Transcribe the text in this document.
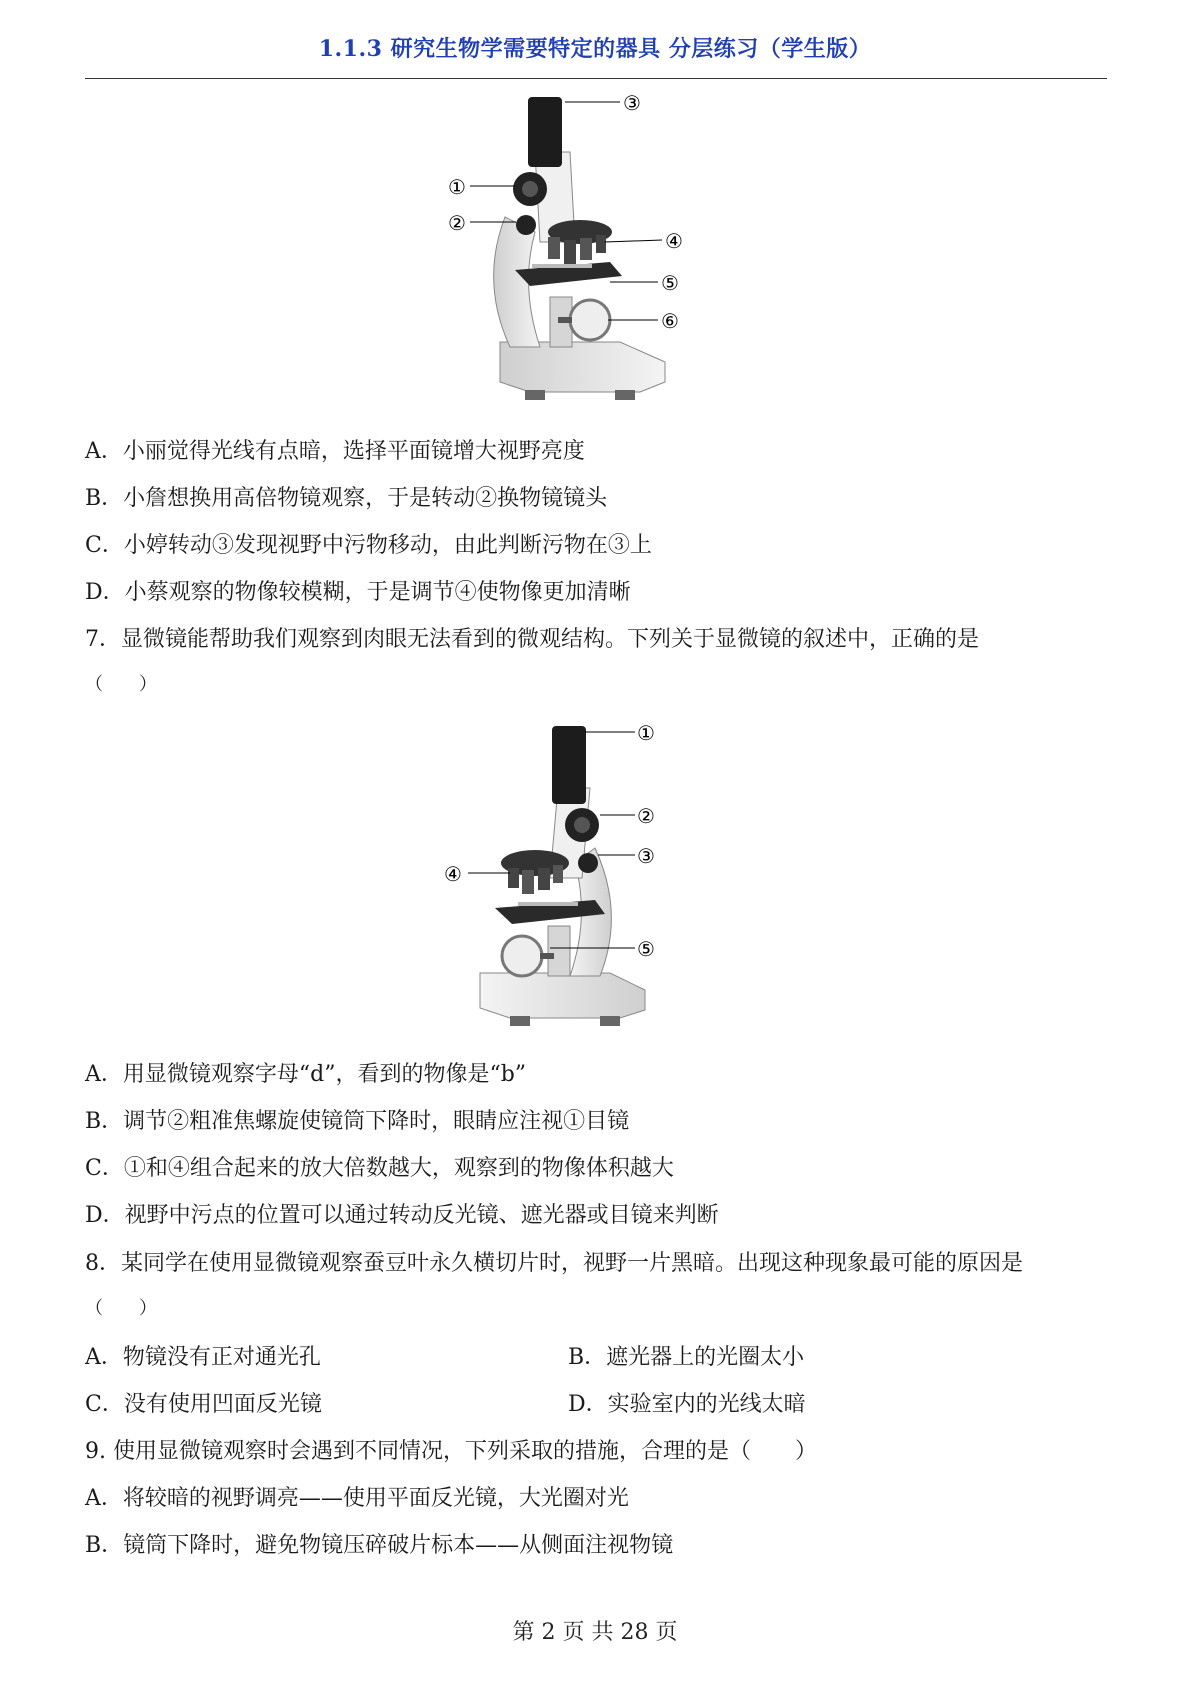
1.1.3 研究生物学需要特定的器具 分层练习（学生版）
③
①
②
④
⑤
⑥
A．小丽觉得光线有点暗，选择平面镜增大视野亮度
B．小詹想换用高倍物镜观察，于是转动②换物镜镜头
C．小婷转动③发现视野中污物移动，由此判断污物在③上
D．小蔡观察的物像较模糊，于是调节④使物像更加清晰
7．显微镜能帮助我们观察到肉眼无法看到的微观结构。下列关于显微镜的叙述中，正确的是
（　　）
①
②
③
④
⑤
A．用显微镜观察字母“d”，看到的物像是“b”
B．调节②粗准焦螺旋使镜筒下降时，眼睛应注视①目镜
C．①和④组合起来的放大倍数越大，观察到的物像体积越大
D．视野中污点的位置可以通过转动反光镜、遮光器或目镜来判断
8．某同学在使用显微镜观察蚕豆叶永久横切片时，视野一片黑暗。出现这种现象最可能的原因是
（　　）
A．物镜没有正对通光孔	B．遮光器上的光圈太小
C．没有使用凹面反光镜	D．实验室内的光线太暗
9. 使用显微镜观察时会遇到不同情况，下列采取的措施，合理的是（　　）
A．将较暗的视野调亮——使用平面反光镜，大光圈对光
B．镜筒下降时，避免物镜压碎破片标本——从侧面注视物镜
第 2 页 共 28 页
